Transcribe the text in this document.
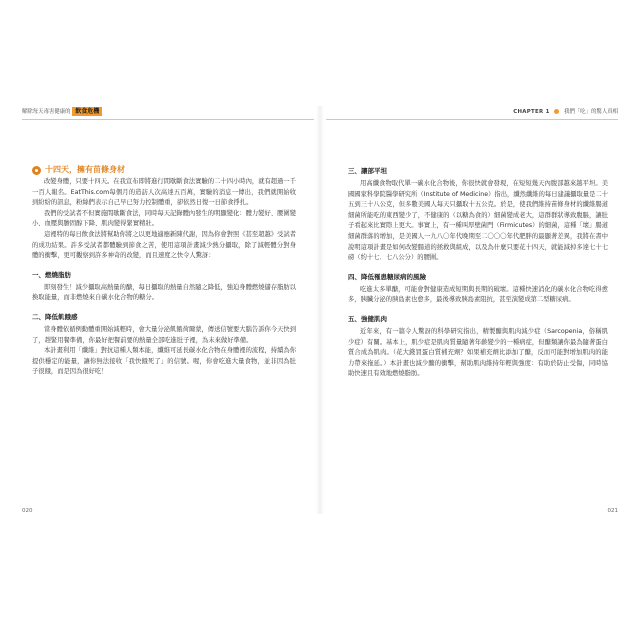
解除每天毒害健康的 飲食危機
十四天，擁有苗條身材

改變身體，只要十四天。在我宣布即將進行間歇斷食法實驗的二十四小時內，就有超過一千一百人報名。EatThis.com每個月的造訪人次高達五百萬，實驗的消息一傳出，我們就開始收到紛紛的訊息，粉絲們表示自己早已努力控制體重，卻依然日復一日節食掙扎。

我們的受試者不但實施間歇斷食法，同時每天記錄體內發生的明顯變化：體力變好、腰圍變小、血壓與膽固醇下降、肌肉變得緊實精壯。

這裡特的每日飲食法將幫助你將之以更地適應新陳代謝，因為你會對照《甚至超越》受試者的成功結果。許多受試者都體驗到節食之苦，使用這項計畫減少熱分攝取，除了減輕體分對身體的衝擊，更可觀察到許多神奇的改變，而且速度之快令人驚訝：

一、燃燒脂肪

即刻發生！減少攝取高熱量的醣，每日攝取的熱量自然隨之降低，強迫身體燃燒儲存脂肪以換取能量，而非燃燒來自碳水化合物的糖分。

二、降低飢餓感

當身體依循例動體重開始減輕時，會大量分泌飢餓荷爾蒙，傳送信號要大腦告訴你今天快到了，趕緊用餐準備，你最好把餐前要的熱量全部吃進肚子裡，為未來做好準備。

本計畫利用「纖維」對抗這種人類本能，纖維可延長碳水化合物在身體裡的流程，持續為你提供穩定的能量，讓你無法接收「我快餓死了」的信號。喔，你會吃進大量食物，並非因為肚子很餓，而是因為很好吃！

020
CHAPTER 1	我們「吃」的驚人真相
三、讓部平坦

用高纖食物取代單一碳水化合物後，你很快就會發現，在短短幾天內腹部越來越平坦。美國國家科學院醫學研究所（Institute of Medicine）指出，纖然纖維的每日建議攝取量是二十五到三十八公克，但多數美國人每天只攝取十五公克。於是，使我們維持苗條身材的纖維腸道細菌所能吃的東西變少了，不健康的（以糖為食的）細菌變成老大，這群群狀導致腹脹，讓肚子看起來比實際上更大。事實上，有一種叫厚壁菌門（Firmicutes）的細菌，這種「壞」腸道細菌群落的增加，是美國人一九八〇年代晚期至二〇〇〇年代肥胖的最顯著差異，我將在書中說明這項計畫是如何改變腸道的拯救與組成，以及為什麼只要花十四天，就能減掉多達七十七磅（約十七．七八公分）的腰圍。

四、降低罹患糖尿病的風險

吃進太多單醣，可能會對健康造成短期與長期的破壞。這種快速消化的碳水化合物吃得愈多，胰臟分泌的胰島素也愈多，最後導致胰島素阻抗，甚至演變成第二型糖尿病。

五、強健肌肉

近年來，有一篇令人驚訝的科學研究指出，精製醣與肌肉減少症（Sarcopenia，俗稱肌少症）有關。基本上，肌少症是肌肉質量隨著年齡變少的一種病症，但醣類讓你最為隨著蛋白質合成為肌肉。（花大錢買蛋白質補充劑？如果補充劑比添加了醣，反而可能對增加肌肉的能力帶來拖延。）本計畫也減少醣的衝擊，幫助肌肉維持年輕與強度：有助於防止受傷，同時協助快速且有效地燃燒脂肪。

021
